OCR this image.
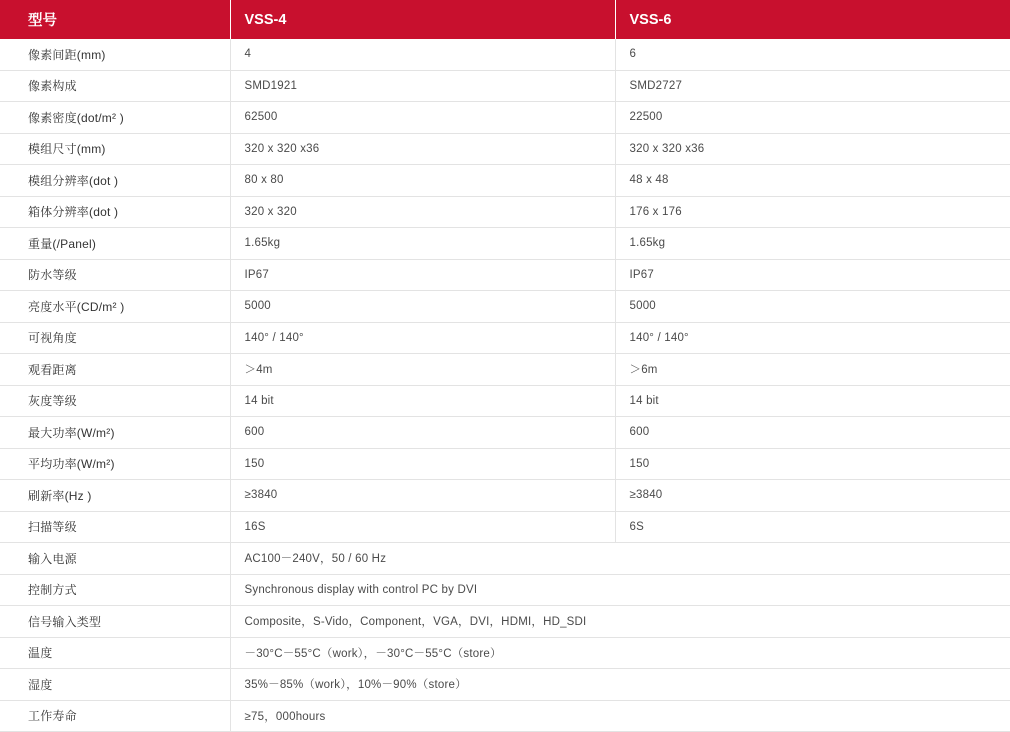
型号	VSS-4	VSS-6
像素间距(mm)	4	6
像素构成	SMD1921	SMD2727
像素密度(dot/m² )	62500	22500
模组尺寸(mm)	320 x 320 x36	320 x 320 x36
模组分辨率(dot )	80 x 80	48 x 48
箱体分辨率(dot )	320 x 320	176 x 176
重量(/Panel)	1.65kg	1.65kg
防水等级	IP67	IP67
亮度水平(CD/m² )	5000	5000
可视角度	140° / 140°	140° / 140°
观看距离	＞4m	＞6m
灰度等级	14 bit	14 bit
最大功率(W/m²)	600	600
平均功率(W/m²)	150	150
刷新率(Hz )	≥3840	≥3840
扫描等级	16S	6S
输入电源	AC100－240V，50 / 60 Hz	
控制方式	Synchronous display with control PC by DVI	
信号输入类型	Composite，S-Vido，Component，VGA，DVI，HDMI，HD_SDI	
温度	－30°C－55°C（work），－30°C－55°C（store）	
湿度	35%－85%（work），10%－90%（store）	
工作寿命	≥75，000hours	
